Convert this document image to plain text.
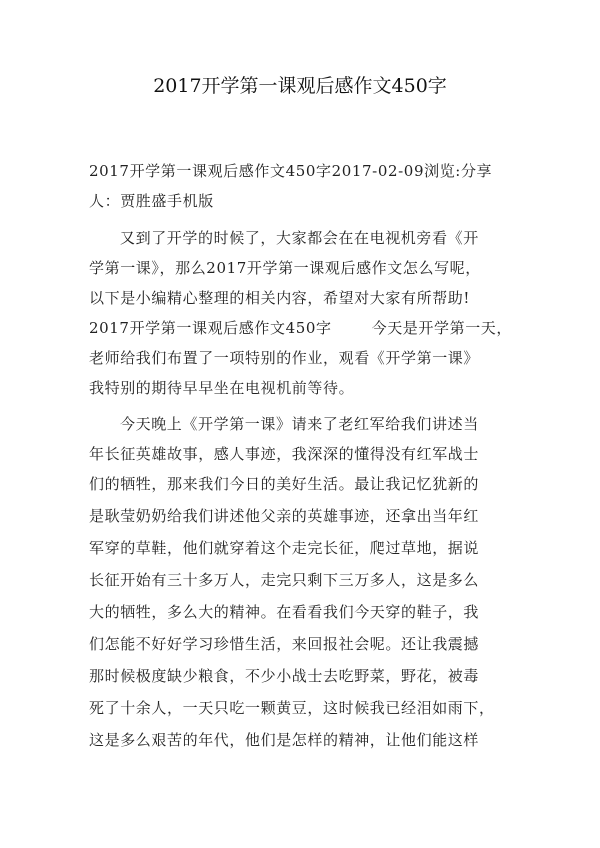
2017开学第一课观后感作文450字
2017开学第一课观后感作文450字2017-02-09浏览:分享
人：贾胜盛手机版
又到了开学的时候了，大家都会在在电视机旁看《开
学第一课》，那么2017开学第一课观后感作文怎么写呢，
以下是小编精心整理的相关内容，希望对大家有所帮助!
2017开学第一课观后感作文450字	今天是开学第一天，
老师给我们布置了一项特别的作业，观看《开学第一课》
我特别的期待早早坐在电视机前等待。
今天晚上《开学第一课》请来了老红军给我们讲述当
年长征英雄故事，感人事迹，我深深的懂得没有红军战士
们的牺牲，那来我们今日的美好生活。最让我记忆犹新的
是耿莹奶奶给我们讲述他父亲的英雄事迹，还拿出当年红
军穿的草鞋，他们就穿着这个走完长征，爬过草地，据说
长征开始有三十多万人，走完只剩下三万多人，这是多么
大的牺牲，多么大的精神。在看看我们今天穿的鞋子，我
们怎能不好好学习珍惜生活，来回报社会呢。还让我震撼
那时候极度缺少粮食，不少小战士去吃野菜，野花，被毒
死了十余人，一天只吃一颗黄豆，这时候我已经泪如雨下，
这是多么艰苦的年代，他们是怎样的精神，让他们能这样
